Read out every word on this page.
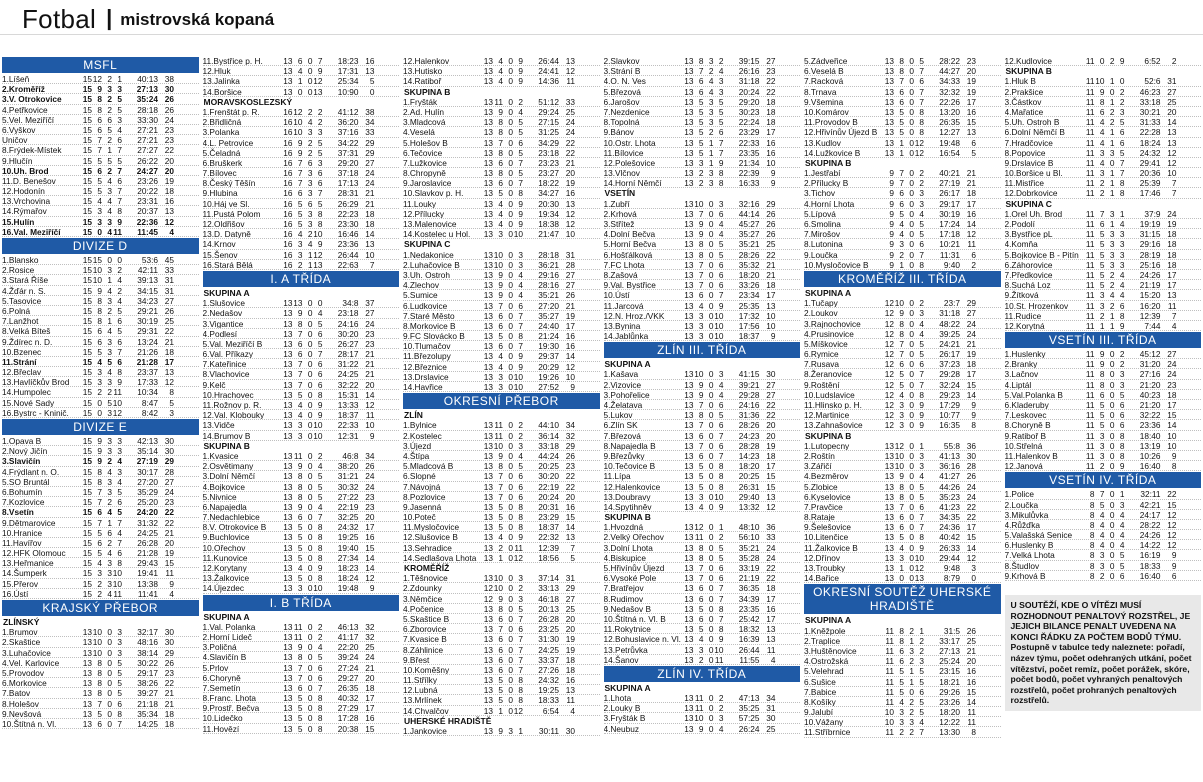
Fotbal | mistrovská kopaná
MSFL
1.Líšeň	15 12 2 1	40:13 38
2.Kroměříž	15 9 3 3	27:13 30
3.V. Otrokovice	15 8 2 5	35:24 26
4.Petřkovice	15 8 2 5	28:18 26
5.Vel. Meziříčí	15 6 6 3	33:30 24
6.Vyškov	15 6 5 4	27:21 23
Uničov	15 7 2 6	27:21 23
8.Frýdek-Místek	15 7 1 7	27:27 22
9.Hlučín	15 5 5 5	26:22 20
10.Uh. Brod	15 6 2 7	24:27 20
11.D. Benešov	15 5 4 6	23:26 19
12.Hodonín	15 5 3 7	20:22 18
13.Vrchovina	15 4 4 7	23:31 16
14.Rýmařov	15 3 4 8	20:37 13
15.Hulín	15 3 3 9	22:36 12
16.Val. Meziříčí	15 0 4 11	11:45	4
DIVIZE D
1.Blansko	15 15 0 0	53:6 45
2.Rosice	15 10 3 2	42:11 33
3.Stará Říše	15 10 1 4	39:13 31
4.Žďár n. S.	15 9 4 2	34:15 31
5.Tasovice	15 8 3 4	34:23 27
6.Polná	15 8 2 5	29:21 26
7.Lanžhot	15 8 1 6	30:19 25
8.Velká Bíteš	15 6 4 5	29:31 22
9.Ždírec n. D.	15 6 3 6	13:24 21
10.Bzenec	15 5 3 7	21:26 18
11.Strání	15 4 5 6	21:28 17
12.Břeclav	15 3 4 8	23:37 13
13.Havlíčkův Brod	15 3 3 9	17:33 12
14.Humpolec	15 2 2 11	10:34	8
15.Nové Sady	15 0 5 10	8:47	5
16.Bystrc - Kninič.	15 0 3 12	8:42	3
DIVIZE E
1.Opava B	15 9 3 3	42:13 30
2.Nový Jičín	15 9 3 3	35:14 30
3.Slavičín	15 9 2 4	27:19 29
4.Frýdlant n. O.	15 8 4 3	30:17 28
5.SO Bruntál	15 8 3 4	27:20 27
6.Bohumín	15 7 3 5	35:29 24
7.Kozlovice	15 7 2 6	25:20 23
8.Vsetín	15 6 4 5	24:20 22
9.Dětmarovice	15 7 1 7	31:32 22
10.Hranice	15 5 6 4	24:25 21
11.Havířov	15 6 2 7	26:28 20
12.HFK Olomouc	15 5 4 6	21:28 19
13.Heřmanice	15 4 3 8	29:43 15
14.Šumperk	15 3 3 10	19:41 11
15.Přerov	15 2 3 10	13:38	9
16.Ústí	15 2 4 11	11:41	4
KRAJSKÝ PŘEBOR
ZLÍNSKÝ
1.Brumov	13 10 0 3	32:17 30
2.Skaštice	13 10 0 3	48:16 30
3.Luhačovice	13 10 0 3	38:14 29
4.Vel. Karlovice	13 8 0 5	30:22 26
5.Provodov	13 8 0 5	29:17 23
6.Morkovice	13 8 0 5	38:26 22
7.Batov	13 8 0 5	39:27 21
8.Holešov	13 7 0 6	21:18 21
9.Nevšová	13 5 0 8	35:34 18
10.Štítná n. Vl.	13 6 0 7	14:25 18
11.Bystřice p. H.	13 6 0 7	18:23 16
12.Hluk	13 4 0 9	17:31 13
13.Jalinka	13 1 0 12	25:34	5
14.Boršice	13 0 0 13	10:90	0
MORAVSKOSLEZSKÝ
1.Frenštát p. R.	16 12 2 2	41:12 38
2.Břidličná	16 10 4 2	36:20 34
3.Polanka	16 10 3 3	37:16 33
4.L. Petrovice	16 9 2 5	34:22 29
5.Čeladná	16 9 2 5	37:31 29
6.Bruškerk	16 7 6 3	29:20 27
7.Bílovec	16 7 3 6	37:18 24
8.Český Těšín	16 7 3 6	17:13 24
9.Hlubina	16 6 3 7	28:31 21
10.Háj ve Sl.	16 5 6 5	26:29 21
11.Pustá Polom	16 5 3 8	22:23 18
12.Oldřišov	16 5 3 8	23:30 18
13.D. Datyně	16 4 2 10	16:46 14
14.Krnov	16 3 4 9	23:36 13
15.Šenov	16 3 1 12	26:44 10
16.Stará Bělá	16 2 1 13	22:63	7
I. A TŘÍDA
SKUPINA A
1.Slušovice	13 13 0 0	34:8 37
2.Nedašov	13 9 0 4	23:18 27
3.Vigantice	13 8 0 5	24:16 24
4.Podlesí	13 7 0 6	30:20 23
5.Val. Meziříčí B	13 6 0 5	26:27 23
6.Val. Příkazy	13 6 0 7	28:17 21
7.Kateřinice	13 7 0 6	31:22 21
8.Vlachovice	13 7 0 6	24:25 21
9.Kelč	13 7 0 6	32:22 20
10.Hrachovec	13 5 0 8	15:31 14
11.Rožnov p. R.	13 4 0 9	13:33 12
12.Val. Klobouky	13 4 0 9	18:37 11
13.Vidče	13 3 0 10	22:33 10
14.Brumov B	13 3 0 10	12:31	9
SKUPINA B
1.Kvasice	13 11 0 2	46:8 34
2.Osvětimany	13 9 0 4	38:20 26
3.Dolní Němčí	13 8 0 5	31:21 24
4.Bojkovice	13 8 0 5	30:32 24
5.Nivnice	13 8 0 5	27:22 23
6.Napajedla	13 9 0 4	22:19 23
7.Nedachlebice	13 6 0 7	32:25 20
8.V. Otrokovice B	13 5 0 8	24:32 17
9.Buchlovice	13 5 0 8	19:25 16
10.Ořechov	13 5 0 8	19:40 15
11.Kunovice	13 5 0 8	27:34 14
12.Korytany	13 4 0 9	18:23 14
13.Žalkovice	13 5 0 8	18:24 12
14.Újezdec	13 3 0 10	19:48	9
I. B TŘÍDA
SKUPINA A
1.Val. Polanka	13 11 0 2	46:13 32
2.Horní Lideč	13 11 0 2	41:17 32
3.Poličná	13 9 0 4	22:20 25
4.Slavičín B	13 8 0 5	39:24 24
5.Prlov	13 7 0 6	27:24 21
6.Choryně	13 7 0 6	29:27 20
7.Semetín	13 6 0 7	26:35 18
8.Franc. Lhota	13 5 0 8	40:32 17
9.Prostř. Bečva	13 5 0 8	27:29 17
10.Lidečko	13 5 0 8	17:28 16
11.Hovězí	13 5 0 8	20:38 15
12.Halenkov	13 4 0 9	26:44 13
13.Hutisko	13 4 0 9	24:41 12
14.Ratiboř	13 4 0 9	14:36 11
SKUPINA B
1.Fryšták	13 11 0 2	51:12 33
2.Ad. Hulín	13 9 0 4	29:24 25
3.Mladcová	13 8 0 5	27:15 24
4.Veselá	13 8 0 5	31:25 24
5.Holešov B	13 7 0 6	34:29 22
6.Tečovice	13 8 0 5	23:18 22
7.Lužkovice	13 6 0 7	23:23 21
8.Chropyně	13 8 0 5	23:27 20
9.Jaroslavice	13 6 0 7	18:22 19
10.Slavkov p. H.	13 5 0 8	34:27 16
11.Louky	13 4 0 9	20:30 13
12.Přílucky	13 4 0 9	19:34 12
13.Malenovice	13 4 0 9	18:38 12
14.Kostelec u Hol.	13 3 0 10	21:47 10
SKUPINA C
1.Nedakonice	13 10 0 3	28:18 31
2.Luhačovice B	13 10 0 3	36:21 28
3.Uh. Ostroh	13 9 0 4	29:16 27
4.Zlechov	13 9 0 4	28:16 27
5.Sumice	13 9 0 4	35:21 26
6.Ludkovice	13 7 0 6	27:20 21
7.Staré Město	13 6 0 7	35:27 19
8.Morkovice B	13 6 0 7	24:40 17
9.FC Slovácko B	13 5 0 8	21:24 16
10.Tlumačov	13 6 0 7	19:30 16
11.Březolupy	13 4 0 9	29:37 14
12.Březnice	13 4 0 9	20:29 12
13.Drslavice	13 3 0 10	19:26 10
14.Havřice	13 3 0 10	27:52	9
OKRESNÍ PŘEBOR
ZLÍN
1.Bylnice	13 11 0 2	44:10 34
2.Kostelec	13 11 0 2	36:14 32
3.Újezd	13 10 0 3	33:18 29
4.Štípa	13 9 0 4	44:24 26
5.Mladcová B	13 8 0 5	20:25 23
6.Slopné	13 7 0 6	30:20 22
7.Návojná	13 7 0 6	22:19 22
8.Pozlovice	13 7 0 6	20:24 20
9.Jasenná	13 5 0 8	20:31 16
10.Poteč	13 5 0 8	23:29 15
11.Mysločovice	13 5 0 8	18:37 14
12.Slušovice B	13 4 0 9	22:32 13
13.Sehradice	13 2 0 11	12:39	7
14.Sedlašova Lhota 13 1 0 12	18:56	5
KROMĚŘÍŽ
1.Těšnovice	13 10 0 3	37:14 31
2.Zdounky	12 10 0 2	33:13 29
3.Němčice	12 9 0 3	46:18 27
4.Počenice	13 8 0 5	20:13 25
5.Skaštice B	13 6 0 7	26:28 20
6.Zborovice	13 7 0 6	23:25 20
7.Kvasice B	13 6 0 7	31:30 19
8.Záhlinice	13 6 0 7	24:25 19
9.Břest	13 6 0 7	33:37 18
10.Koměšny	13 6 0 7	27:26 18
11.Střílky	13 5 0 8	24:32 16
12.Lubná	13 5 0 8	19:25 13
13.Mrlínek	13 5 0 8	18:33 11
14.Chvalčov	13 1 0 12	6:54	4
UHERSKÉ HRADIŠTĚ
1.Jankovice	13 9 3 1	30:11 30
2.Slavkov	13 8 3 2	39:15 27
3.Strání B	13 7 2 4	26:16 23
4.O. N. Ves	13 6 4 3	31:18 22
5.Březová	13 6 4 3	20:24 22
6.Jarošov	13 5 3 5	29:20 18
7.Nezdenice	13 5 3 5	30:23 18
8.Topolná	13 5 3 5	22:24 18
9.Bánov	13 5 2 6	23:29 17
10.Ostr. Lhota	13 5 1 7	22:33 16
11.Bílovice	13 5 1 7	23:35 16
12.Polešovice	13 3 1 9	21:34 10
13.Vlčnov	13 2 3 8	22:39	9
14.Horní Němčí	13 2 3 8	16:33	9
VSETÍN
1.Zubří	13 10 0 3	32:16 29
2.Krhová	13 7 0 6	44:14 26
3.Střítež	13 9 0 4	45:27 26
4.Dolní Bečva	13 9 0 4	35:27 26
5.Horní Bečva	13 8 0 5	35:21 25
6.Hošťálková	13 8 0 5	28:26 22
7.FC Lhota	13 7 0 6	35:32 21
8.Zašová	13 7 0 6	18:20 21
9.Val. Bystřice	13 7 0 6	33:26 18
10.Ústí	13 6 0 7	23:34 17
11.Jarcová	13 4 0 9	25:35 13
12.N. Hroz./VKK	13 3 0 10	17:32 10
13.Bynina	13 3 0 10	17:56 10
14.Jablůnka	13 3 0 10	18:37	9
ZLÍN III. TŘÍDA
SKUPINA A
1.Kašava	13 10 0 3	41:15 30
2.Vizovice	13 9 0 4	39:21 27
3.Pohořelice	13 9 0 4	29:28 27
4.Želatava	13 7 0 6	24:16 22
5.Lukov	13 8 0 5	31:36 22
6.Zlín SK	13 7 0 6	28:26 20
7.Březová	13 6 0 7	24:23 20
8.Napajedla B	13 7 0 6	28:28 19
9.Březůvky	13 6 0 7	14:23 18
10.Tečovice B	13 5 0 8	18:20 17
11.Lípa	13 5 0 8	20:25 15
12.Halenkovice	13 5 0 8	26:31 15
13.Doubravy	13 3 0 10	29:40 13
14.Spytihněv	13 4 0 9	13:32 12
SKUPINA B
1.Hvozdná	13 12 0 1	48:10 36
2.Velký Ořechov	13 11 0 2	56:10 33
3.Dolní Lhota	13 8 0 5	35:21 24
4.Biskupice	13 8 0 5	35:28 24
5.Hřivínův Újezd	13 7 0 6	33:19 22
6.Vysoké Pole	13 7 0 6	21:19 22
7.Bratřejov	13 6 0 7	36:35 18
8.Rudimov	13 6 0 7	34:39 17
9.Nedašov B	13 5 0 8	23:35 16
10.Štítná n. Vl. B	13 6 0 7	25:42 17
11.Rokytnice	13 5 0 8	18:32 13
12.Bohuslavice n. Vl. 13 4 0 9	16:39 13
13.Petrůvka	13 3 0 10	26:44 11
14.Šanov	13 2 0 11	11:55	4
ZLÍN IV. TŘÍDA
SKUPINA A
1.Lhota	13 11 0 2	47:13 34
2.Louky B	13 11 0 2	35:25 31
3.Fryšták B	13 10 0 3	57:25 30
4.Neubuz	13 9 0 4	26:24 25
5.Zádveřice	13 8 0 5	28:22 23
6.Veselá B	13 8 0 7	44:27 20
7.Racková	13 7 0 6	34:33 19
8.Trnava	13 6 0 7	32:32 19
9.Všemina	13 6 0 7	22:26 17
10.Komárov	13 5 0 8	13:20 16
11.Provodov B	13 5 0 8	26:35 15
12.Hřivínův Újezd B 13 5 0 8	12:27 13
13.Kudlov	13 1 0 12	19:48	6
14.Lužkovice B	13 1 0 12	16:54	5
SKUPINA B
1.Jestřabí	9 7 0 2	40:21 21
2.Přílucky B	9 7 0 2	27:19 21
3.Tichov	9 6 0 3	26:17 18
4.Horní Lhota	9 6 0 3	29:17 17
5.Lípová	9 5 0 4	30:19 16
6.Smolina	9 4 0 5	17:24 14
7.Mirošov	9 4 0 5	17:18 12
8.Lutonina	9 3 0 6	10:21 11
9.Loučka	9 2 0 7	11:31	6
10.Mysločovice B	9 1 0 8	9:40	2
KROMĚŘÍŽ III. TŘÍDA
SKUPINA A
1.Tučapy	12 10 0 2	23:7 29
2.Loukov	12 9 0 3	31:18 27
3.Rajnochovice	12 8 0 4	48:22 24
4.Prusinovice	12 8 0 4	39:25 24
5.Míškovice	12 7 0 5	24:21 21
6.Rymice	12 7 0 5	26:17 19
7.Rusava	12 6 0 6	37:23 18
8.Žeranovice	12 5 0 7	29:28 17
9.Roštění	12 5 0 7	32:24 15
10.Ludslavice	12 4 0 8	29:23 14
11.Hlinsko p. H.	12 3 0 9	17:29	9
12.Martinice	12 3 0 9	10:77	9
13.Zahnašovice	12 3 0 9	16:35	8
SKUPINA B
1.Lutopecny	13 12 0 1	55:8 36
2.Roštín	13 10 0 3	41:13 30
3.Zářičí	13 10 0 3	36:16 28
4.Bezměrov	13 9 0 4	41:27 26
5.Zlobice	13 8 0 5	44:26 24
6.Kyselovice	13 8 0 5	35:23 24
7.Pravčice	13 7 0 6	41:23 22
8.Rataje	13 6 0 7	34:35 22
9.Šelešovice	13 6 0 7	24:36 17
10.Litenčice	13 5 0 8	40:42 15
11.Žalkovice B	13 4 0 9	26:33 14
12.Dřínov	13 3 0 10	29:44 12
13.Troubky	13 1 0 12	9:48	3
14.Bařice	13 0 0 13	8:79	0
OKRESNÍ SOUTĚŽ UHERSKÉ HRADIŠTĚ
SKUPINA A
1.Kněžpole	11 8 2 1	31:5 26
2.Traplice	11 8 1 2	33:17 25
3.Huštěnovice	11 6 3 2	27:13 21
4.Ostrožská	11 6 2 3	25:24 20
5.Velehrad	11 5 1 5	23:15 16
6.Sušice	11 5 1 5	18:21 16
7.Babice	11 5 0 6	29:26 15
8.Košíky	11 4 2 5	23:26 14
9.Jalubí	10 3 2 5	18:20 11
10.Vážany	10 3 3 4	12:22 11
11.Stříbrnice	11 2 2 7	13:30	8
12.Kudlovice	11 0 2 9	6:52	2
SKUPINA B
1.Hluk B	11 10 1 0	52:6 31
2.Prakšice	11 9 0 2	46:23 27
3.Částkov	11 8 1 2	33:18 25
4.Mařatice	11 6 2 3	30:21 20
5.Uh. Ostroh B	11 4 2 5	31:33 14
6.Dolní Němčí B	11 4 1 6	22:28 13
7.Hradčovice	11 4 1 6	18:24 13
8.Popovice	11 3 3 5	24:32 12
9.Drslavice B	11 4 0 7	29:41 12
10.Boršice u Bl.	11 3 1 7	20:36 10
11.Mistřice	11 2 1 8	25:39	7
12.Dobrkovice	11 2 1 8	17:46	7
SKUPINA C
1.Orel Uh. Brod	11 7 3 1	37:9 24
2.Podolí	11 6 1 4	19:19 19
3.Bystřice pL	11 5 3 3	31:15 18
4.Komňa	11 5 3 3	29:16 18
5.Bojkovice B - Pitín 11 5 3 3	28:19 18
6.Záhorovice	11 5 3 3	25:16 18
7.Předkovice	11 5 2 4	24:26 17
8.Suchá Loz	11 5 2 4	21:19 17
9.Žítková	11 3 4 4	15:20 13
10.St. Hrozenkov	11 3 2 6	16:20 11
11.Rudice	11 2 1 8	12:39	7
12.Korytná	11 1 1 9	7:44	4
VSETÍN III. TŘÍDA
1.Huslenky	11 9 0 2	45:12 27
2.Branky	11 9 0 2	31:20 24
3.Lačnov	11 8 0 3	27:16 24
4.Liptál	11 8 0 3	21:20 23
5.Val.Polanka B	11 6 0 5	40:23 18
6.Kladeruby	11 5 0 6	21:20 17
7.Leskovec	11 5 0 6	32:22 15
8.Choryně B	11 5 0 6	23:36 14
9.Ratiboř B	11 3 0 8	18:40 10
10.Střelná	11 3 0 8	13:19 10
11.Halenkov B	11 3 0 8	10:26	9
12.Janová	11 2 0 9	16:40	8
VSETÍN IV. TŘÍDA
1.Police	8 7 0 1	32:11 22
2.Loučka	8 5 0 3	42:21 15
3.Mikulůvka	8 4 0 4	24:17 12
4.Růžďka	8 4 0 4	28:22 12
5.Valašská Senice	8 4 0 4	24:26 12
6.Huslenky B	8 4 0 4	14:22 12
7.Velká Lhota	8 3 0 5	16:19	9
8.Študlov	8 3 0 5	18:33	9
9.Krhová B	8 2 0 6	16:40	6
U SOUTĚŽÍ, KDE O VÍTĚZI MUSÍ ROZHODNOUT PENALTOVÝ ROZSTŘEL, JE JEJICH BILANCE PENALT UVEDENA NA KONCI ŘÁDKU ZA POČTEM BODŮ TÝMU. Postupně v tabulce tedy naleznete: pořadí, název týmu, počet odehraných utkání, počet vítězství, počet remíz, počet porážek, skóre, počet bodů, počet vyhraných penaltových rozstřelů, počet prohraných penaltových rozstřelů.
